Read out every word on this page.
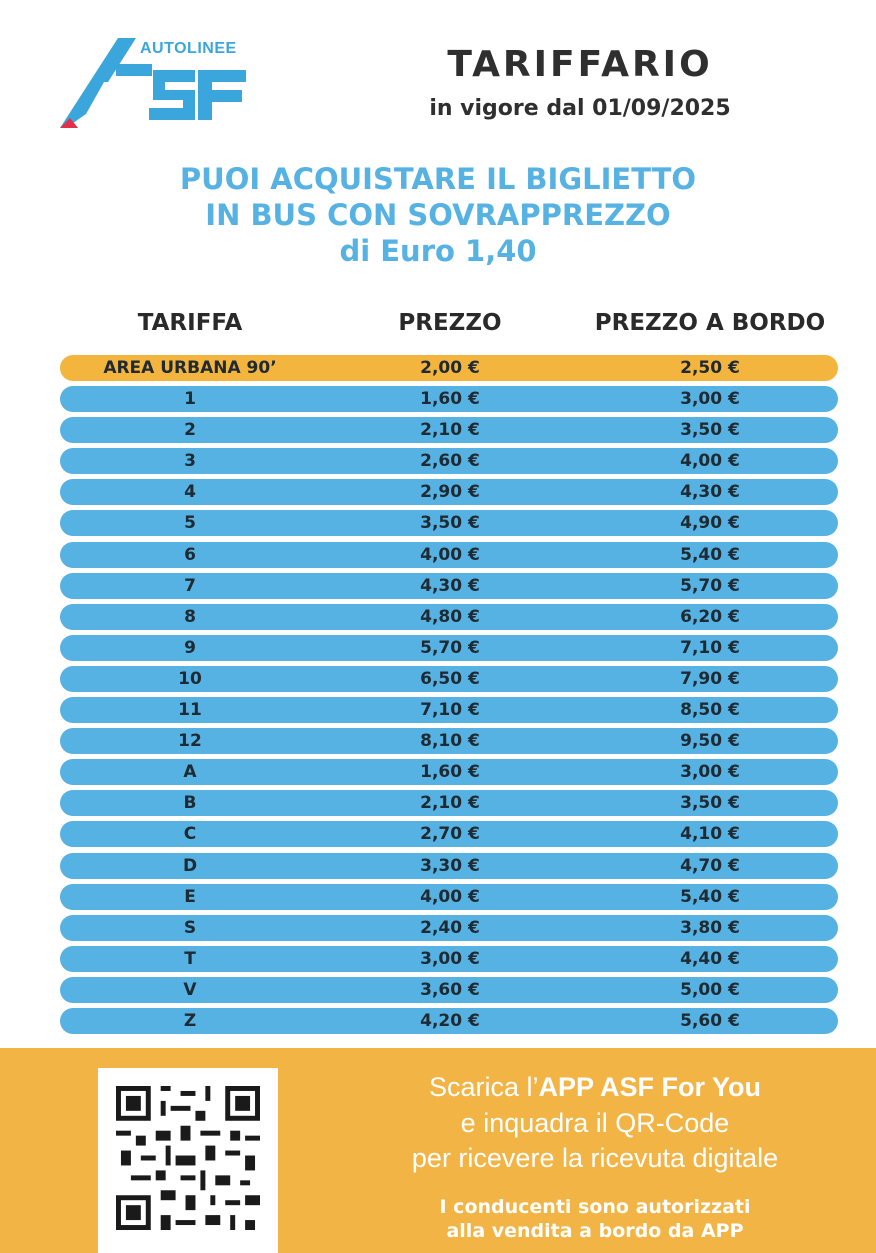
AUTOLINEE	TARIFFARIO
in vigore dal 01/09/2025
PUOI ACQUISTARE IL BIGLIETTO
IN BUS CON SOVRAPPREZZO
di Euro 1,40
TARIFFA	PREZZO	PREZZO A BORDO
AREA URBANA 90’	2,00 €	2,50 €
1	1,60 €	3,00 €
2	2,10 €	3,50 €
3	2,60 €	4,00 €
4	2,90 €	4,30 €
5	3,50 €	4,90 €
6	4,00 €	5,40 €
7	4,30 €	5,70 €
8	4,80 €	6,20 €
9	5,70 €	7,10 €
10	6,50 €	7,90 €
11	7,10 €	8,50 €
12	8,10 €	9,50 €
A	1,60 €	3,00 €
B	2,10 €	3,50 €
C	2,70 €	4,10 €
D	3,30 €	4,70 €
E	4,00 €	5,40 €
S	2,40 €	3,80 €
T	3,00 €	4,40 €
V	3,60 €	5,00 €
Z	4,20 €	5,60 €
Scarica l’APP ASF For You
e inquadra il QR-Code
per ricevere la ricevuta digitale
I conducenti sono autorizzati
alla vendita a bordo da APP
